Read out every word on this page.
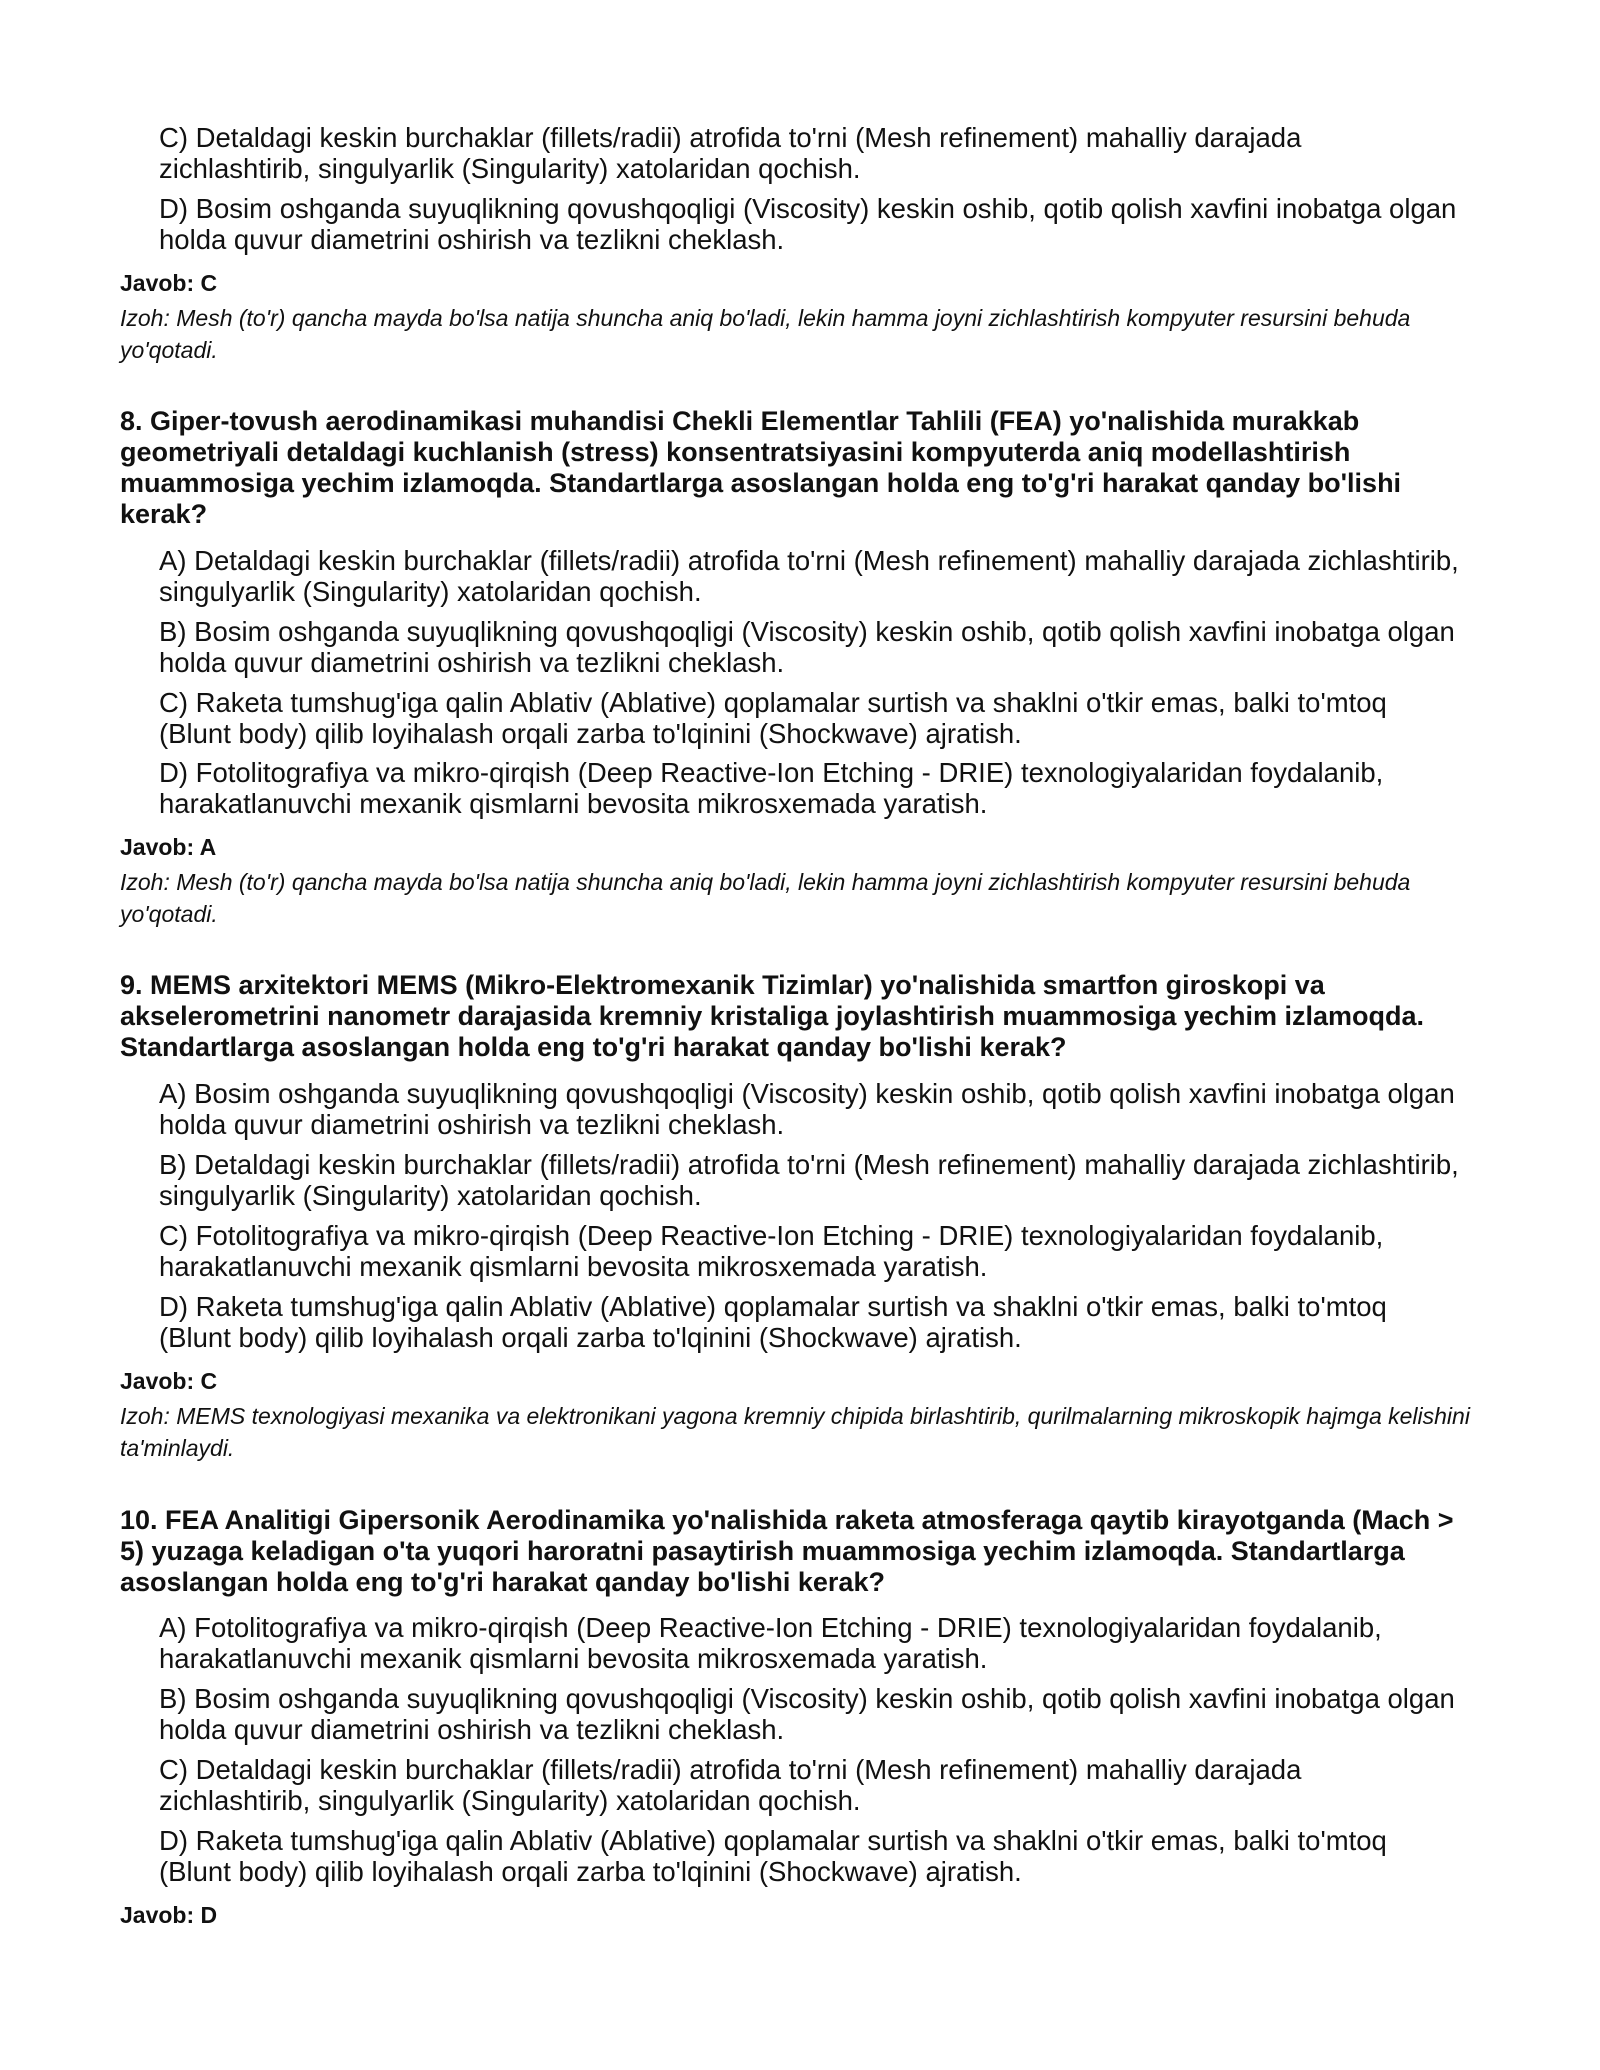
C) Detaldagi keskin burchaklar (fillets/radii) atrofida to'rni (Mesh refinement) mahalliy darajada zichlashtirib, singulyarlik (Singularity) xatolaridan qochish.

D) Bosim oshganda suyuqlikning qovushqoqligi (Viscosity) keskin oshib, qotib qolish xavfini inobatga olgan holda quvur diametrini oshirish va tezlikni cheklash.

Javob: C

Izoh: Mesh (to'r) qancha mayda bo'lsa natija shuncha aniq bo'ladi, lekin hamma joyni zichlashtirish kompyuter resursini behuda yo'qotadi.

8. Giper-tovush aerodinamikasi muhandisi Chekli Elementlar Tahlili (FEA) yo'nalishida murakkab geometriyali detaldagi kuchlanish (stress) konsentratsiyasini kompyuterda aniq modellashtirish muammosiga yechim izlamoqda. Standartlarga asoslangan holda eng to'g'ri harakat qanday bo'lishi kerak?

A) Detaldagi keskin burchaklar (fillets/radii) atrofida to'rni (Mesh refinement) mahalliy darajada zichlashtirib, singulyarlik (Singularity) xatolaridan qochish.

B) Bosim oshganda suyuqlikning qovushqoqligi (Viscosity) keskin oshib, qotib qolish xavfini inobatga olgan holda quvur diametrini oshirish va tezlikni cheklash.

C) Raketa tumshug'iga qalin Ablativ (Ablative) qoplamalar surtish va shaklni o'tkir emas, balki to'mtoq (Blunt body) qilib loyihalash orqali zarba to'lqinini (Shockwave) ajratish.

D) Fotolitografiya va mikro-qirqish (Deep Reactive-Ion Etching - DRIE) texnologiyalaridan foydalanib, harakatlanuvchi mexanik qismlarni bevosita mikrosxemada yaratish.

Javob: A

Izoh: Mesh (to'r) qancha mayda bo'lsa natija shuncha aniq bo'ladi, lekin hamma joyni zichlashtirish kompyuter resursini behuda yo'qotadi.

9. MEMS arxitektori MEMS (Mikro-Elektromexanik Tizimlar) yo'nalishida smartfon giroskopi va akselerometrini nanometr darajasida kremniy kristaliga joylashtirish muammosiga yechim izlamoqda. Standartlarga asoslangan holda eng to'g'ri harakat qanday bo'lishi kerak?

A) Bosim oshganda suyuqlikning qovushqoqligi (Viscosity) keskin oshib, qotib qolish xavfini inobatga olgan holda quvur diametrini oshirish va tezlikni cheklash.

B) Detaldagi keskin burchaklar (fillets/radii) atrofida to'rni (Mesh refinement) mahalliy darajada zichlashtirib, singulyarlik (Singularity) xatolaridan qochish.

C) Fotolitografiya va mikro-qirqish (Deep Reactive-Ion Etching - DRIE) texnologiyalaridan foydalanib, harakatlanuvchi mexanik qismlarni bevosita mikrosxemada yaratish.

D) Raketa tumshug'iga qalin Ablativ (Ablative) qoplamalar surtish va shaklni o'tkir emas, balki to'mtoq (Blunt body) qilib loyihalash orqali zarba to'lqinini (Shockwave) ajratish.

Javob: C

Izoh: MEMS texnologiyasi mexanika va elektronikani yagona kremniy chipida birlashtirib, qurilmalarning mikroskopik hajmga kelishini ta'minlaydi.

10. FEA Analitigi Gipersonik Aerodinamika yo'nalishida raketa atmosferaga qaytib kirayotganda (Mach > 5) yuzaga keladigan o'ta yuqori haroratni pasaytirish muammosiga yechim izlamoqda. Standartlarga asoslangan holda eng to'g'ri harakat qanday bo'lishi kerak?

A) Fotolitografiya va mikro-qirqish (Deep Reactive-Ion Etching - DRIE) texnologiyalaridan foydalanib, harakatlanuvchi mexanik qismlarni bevosita mikrosxemada yaratish.

B) Bosim oshganda suyuqlikning qovushqoqligi (Viscosity) keskin oshib, qotib qolish xavfini inobatga olgan holda quvur diametrini oshirish va tezlikni cheklash.

C) Detaldagi keskin burchaklar (fillets/radii) atrofida to'rni (Mesh refinement) mahalliy darajada zichlashtirib, singulyarlik (Singularity) xatolaridan qochish.

D) Raketa tumshug'iga qalin Ablativ (Ablative) qoplamalar surtish va shaklni o'tkir emas, balki to'mtoq (Blunt body) qilib loyihalash orqali zarba to'lqinini (Shockwave) ajratish.

Javob: D
